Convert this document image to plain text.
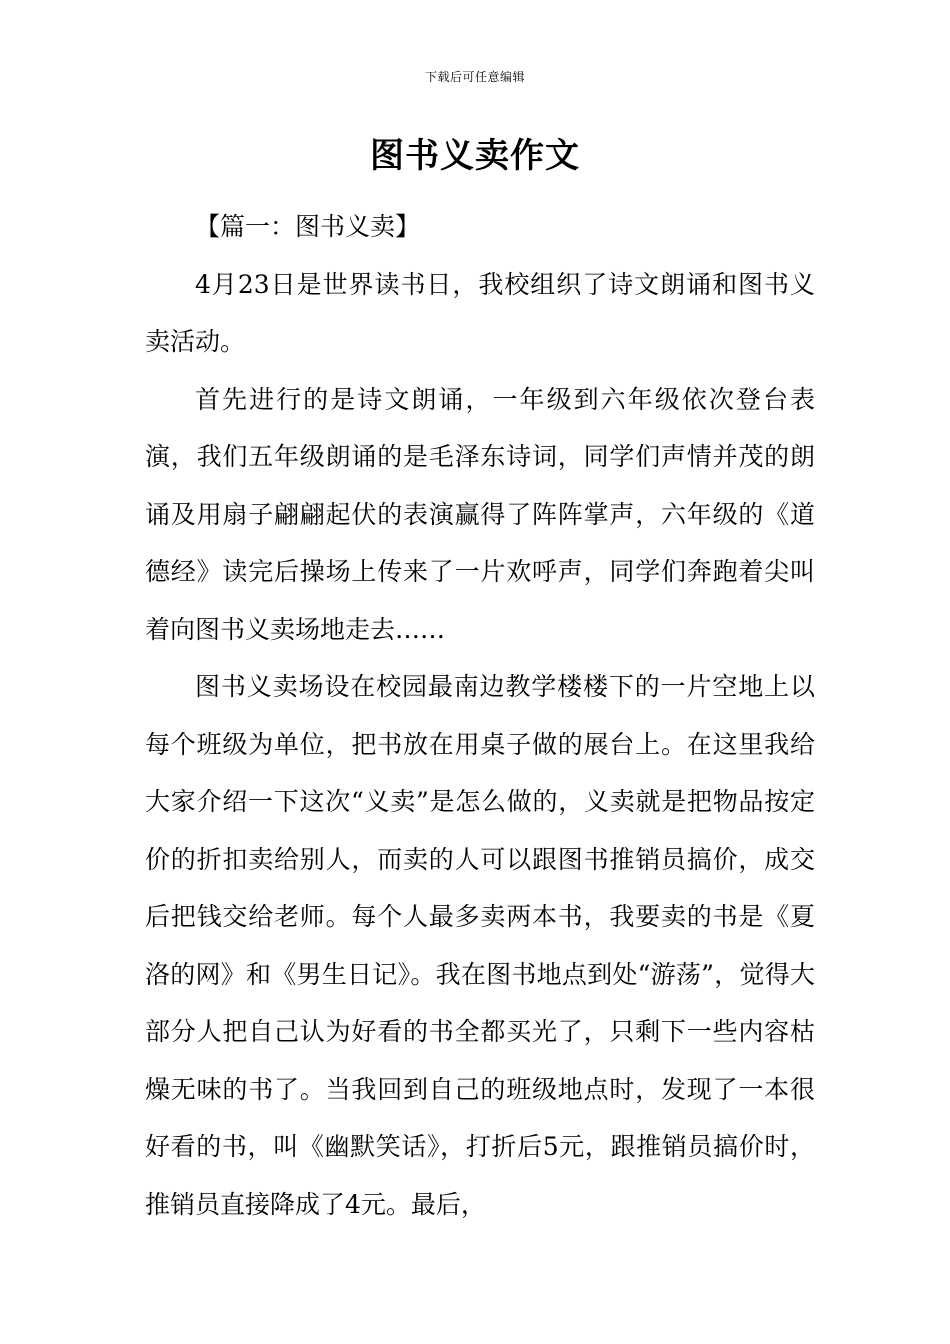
下载后可任意编辑
图书义卖作文

【篇一：图书义卖】

4月23日是世界读书日，我校组织了诗文朗诵和图书义卖活动。

首先进行的是诗文朗诵，一年级到六年级依次登台表演，我们五年级朗诵的是毛泽东诗词，同学们声情并茂的朗诵及用扇子翩翩起伏的表演赢得了阵阵掌声，六年级的《道德经》读完后操场上传来了一片欢呼声，同学们奔跑着尖叫着向图书义卖场地走去……

图书义卖场设在校园最南边教学楼楼下的一片空地上以每个班级为单位，把书放在用桌子做的展台上。在这里我给大家介绍一下这次“义卖”是怎么做的，义卖就是把物品按定价的折扣卖给别人，而卖的人可以跟图书推销员搞价，成交后把钱交给老师。每个人最多卖两本书，我要卖的书是《夏洛的网》和《男生日记》。我在图书地点到处“游荡”，觉得大部分人把自己认为好看的书全都买光了，只剩下一些内容枯燥无味的书了。当我回到自己的班级地点时，发现了一本很好看的书，叫《幽默笑话》，打折后5元，跟推销员搞价时，推销员直接降成了4元。最后，
